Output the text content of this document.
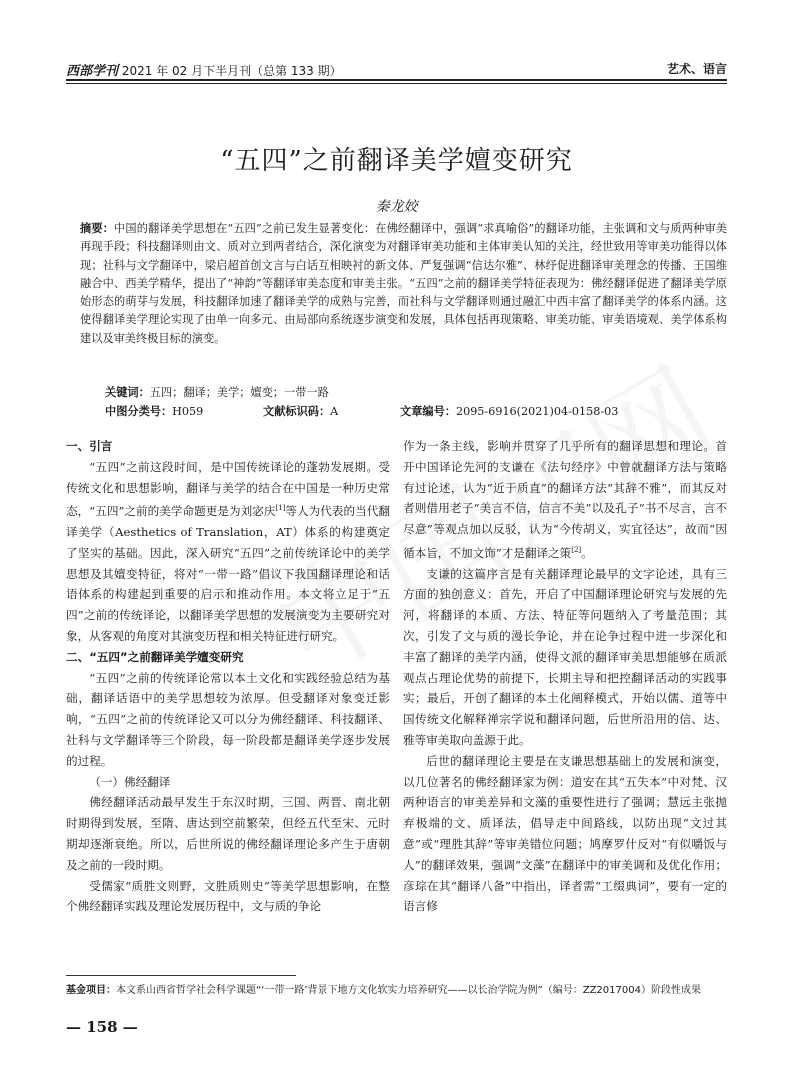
西部学刊 2021 年 02 月下半月刊（总第 133 期）	艺术、语言
“五四”之前翻译美学嬗变研究
秦龙姣
摘要：中国的翻译美学思想在“五四”之前已发生显著变化：在佛经翻译中，强调“求真喻俗”的翻译功能，主张调和文与质两种审美再现手段；科技翻译则由文、质对立到两者结合，深化演变为对翻译审美功能和主体审美认知的关注，经世致用等审美功能得以体现；社科与文学翻译中，梁启超首创文言与白话互相映衬的新文体、严复强调“信达尔雅”、林纾促进翻译审美理念的传播、王国维融合中、西美学精华，提出了“神韵”等翻译审美态度和审美主张。“五四”之前的翻译美学特征表现为：佛经翻译促进了翻译美学原始形态的萌芽与发展，科技翻译加速了翻译美学的成熟与完善，而社科与文学翻译则通过融汇中西丰富了翻译美学的体系内涵。这使得翻译美学理论实现了由单一向多元、由局部向系统逐步演变和发展，具体包括再现策略、审美功能、审美语境观、美学体系构建以及审美终极目标的演变。
关键词：五四；翻译；美学；嬗变；一带一路
中图分类号：H059	文献标识码：A	文章编号：2095-6916(2021)04-0158-03
一、引言

“五四”之前这段时间，是中国传统译论的蓬勃发展期。受传统文化和思想影响，翻译与美学的结合在中国是一种历史常态，“五四”之前的美学命题更是为刘宓庆[1]等人为代表的当代翻译美学（Aesthetics of Translation，AT）体系的构建奠定了坚实的基础。因此，深入研究“五四”之前传统译论中的美学思想及其嬗变特征，将对“一带一路”倡议下我国翻译理论和话语体系的构建起到重要的启示和推动作用。本文将立足于“五四”之前的传统译论，以翻译美学思想的发展演变为主要研究对象，从客观的角度对其演变历程和相关特征进行研究。

二、“五四”之前翻译美学嬗变研究

“五四”之前的传统译论常以本土文化和实践经验总结为基础，翻译话语中的美学思想较为浓厚。但受翻译对象变迁影响，“五四”之前的传统译论又可以分为佛经翻译、科技翻译、社科与文学翻译等三个阶段，每一阶段都是翻译美学逐步发展的过程。

（一）佛经翻译

佛经翻译活动最早发生于东汉时期，三国、两晋、南北朝时期得到发展，至隋、唐达到空前繁荣，但经五代至宋、元时期却逐渐衰绝。所以，后世所说的佛经翻译理论多产生于唐朝及之前的一段时期。

受儒家“质胜文则野，文胜质则史”等美学思想影响，在整个佛经翻译实践及理论发展历程中，文与质的争论

作为一条主线，影响并贯穿了几乎所有的翻译思想和理论。首开中国译论先河的支谦在《法句经序》中曾就翻译方法与策略有过论述，认为“近于质直”的翻译方法“其辞不雅”，而其反对者则借用老子“美言不信，信言不美”以及孔子“书不尽言，言不尽意”等观点加以反驳，认为“今传胡义，实宜径达”，故而“因循本旨，不加文饰”才是翻译之策[2]。

支谦的这篇序言是有关翻译理论最早的文字论述，具有三方面的独创意义：首先，开启了中国翻译理论研究与发展的先河，将翻译的本质、方法、特征等问题纳入了考量范围；其次，引发了文与质的漫长争论，并在论争过程中进一步深化和丰富了翻译的美学内涵，使得文派的翻译审美思想能够在质派观点占理论优势的前提下，长期主导和把控翻译活动的实践事实；最后，开创了翻译的本土化阐释模式，开始以儒、道等中国传统文化解释禅宗学说和翻译问题，后世所沿用的信、达、雅等审美取向盖源于此。

后世的翻译理论主要是在支谦思想基础上的发展和演变，以几位著名的佛经翻译家为例：道安在其“五失本”中对梵、汉两种语言的审美差异和文藻的重要性进行了强调；慧远主张抛弃极端的文、质译法，倡导走中间路线，以防出现“文过其意”或“理胜其辞”等审美错位问题；鸠摩罗什反对“有似嚼饭与人”的翻译效果，强调“文藻”在翻译中的审美调和及优化作用；彦琮在其“翻译八备”中指出，译者需“工缀典词”，要有一定的语言修

基金项目：本文系山西省哲学社会科学课题“‘一带一路’背景下地方文化软实力培养研究——以长治学院为例”（编号：ZZ2017004）阶段性成果
— 158 —
